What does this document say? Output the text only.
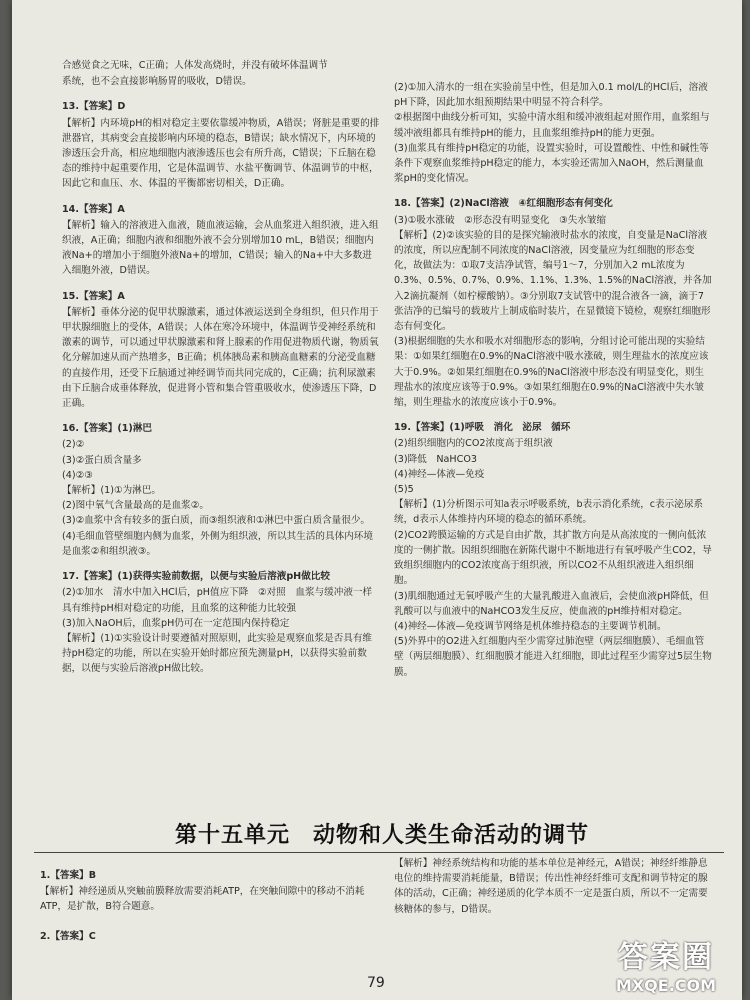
合感觉食之无味，C正确；人体发高烧时，并没有破坏体温调节

系统，也不会直接影响肠胃的吸收，D错误。

13.【答案】D

【解析】内环境pH的相对稳定主要依靠缓冲物质，A错误；肾脏是重要的排泄器官，其病变会直接影响内环境的稳态，B错误；缺水情况下，内环境的渗透压会升高，相应地细胞内液渗透压也会有所升高，C错误；下丘脑在稳态的维持中起重要作用，它是体温调节、水盐平衡调节、体温调节的中枢，因此它和血压、水、体温的平衡都密切相关，D正确。

14.【答案】A

【解析】输入的溶液进入血液，随血液运输，会从血浆进入组织液，进入组织液，A正确；细胞内液和细胞外液不会分别增加10 mL，B错误；细胞内液Na+的增加小于细胞外液Na+的增加，C错误；输入的Na+中大多数进入细胞外液，D错误。

15.【答案】A

【解析】垂体分泌的促甲状腺激素，通过体液运送到全身组织，但只作用于甲状腺细胞上的受体，A错误；人体在寒冷环境中，体温调节受神经系统和激素的调节，可以通过甲状腺激素和肾上腺素的作用促进物质代谢，物质氧化分解加速从而产热增多，B正确；机体胰岛素和胰高血糖素的分泌受血糖的直接作用，还受下丘脑通过神经调节而共同完成的，C正确；抗利尿激素由下丘脑合成垂体释放，促进肾小管和集合管重吸收水，使渗透压下降，D正确。

16.【答案】(1)淋巴

(2)②
(3)②蛋白质含量多
(4)②③
【解析】(1)①为淋巴。
(2)图中氧气含量最高的是血浆②。
(3)②血浆中含有较多的蛋白质，而③组织液和①淋巴中蛋白质含量很少。
(4)毛细血管壁细胞内侧为血浆，外侧为组织液，所以其生活的具体内环境是血浆②和组织液③。

17.【答案】(1)获得实验前数据，以便与实验后溶液pH做比较

(2)①加水　清水中加入HCl后，pH值应下降　②对照　血浆与缓冲液一样具有维持pH相对稳定的功能，且血浆的这种能力比较强
(3)加入NaOH后，血浆pH仍可在一定范围内保持稳定
【解析】(1)①实验设计时要遵循对照原则，此实验是观察血浆是否具有维持pH稳定的功能，所以在实验开始时都应预先测量pH，以获得实验前数据，以便与实验后溶液pH做比较。

(2)①加入清水的一组在实验前呈中性，但是加入0.1 mol/L的HCl后，溶液pH下降，因此加水组预期结果中明显不符合科学。
②根据图中曲线分析可知，实验中清水组和缓冲液组起对照作用，血浆组与缓冲液组都具有维持pH的能力，且血浆组维持pH的能力更强。
(3)血浆具有维持pH稳定的功能，设置实验时，可设置酸性、中性和碱性等条件下观察血浆维持pH稳定的能力，本实验还需加入NaOH，然后测量血浆pH的变化情况。

18.【答案】(2)NaCl溶液　④红细胞形态有何变化

(3)①吸水涨破　②形态没有明显变化　③失水皱缩
【解析】(2)②该实验的目的是探究输液时盐水的浓度，自变量是NaCl溶液的浓度，所以应配制不同浓度的NaCl溶液，因变量应为红细胞的形态变化，故做法为：①取7支洁净试管，编号1～7，分别加入2 mL浓度为0.3%、0.5%、0.7%、0.9%、1.1%、1.3%、1.5%的NaCl溶液，并各加入2滴抗凝剂（如柠檬酸钠）。③分别取7支试管中的混合液各一滴，滴于7张洁净的已编号的载玻片上制成临时装片，在显微镜下镜检，观察红细胞形态有何变化。
(3)根据细胞的失水和吸水对细胞形态的影响，分组讨论可能出现的实验结果：①如果红细胞在0.9%的NaCl溶液中吸水涨破，则生理盐水的浓度应该大于0.9%。②如果红细胞在0.9%的NaCl溶液中形态没有明显变化，则生理盐水的浓度应该等于0.9%。③如果红细胞在0.9%的NaCl溶液中失水皱缩，则生理盐水的浓度应该小于0.9%。

19.【答案】(1)呼吸　消化　泌尿　循环

(2)组织细胞内的CO2浓度高于组织液
(3)降低　NaHCO3
(4)神经—体液—免疫
(5)5
【解析】(1)分析图示可知a表示呼吸系统，b表示消化系统，c表示泌尿系统，d表示人体维持内环境的稳态的循环系统。
(2)CO2跨膜运输的方式是自由扩散，其扩散方向是从高浓度的一侧向低浓度的一侧扩散。因组织细胞在新陈代谢中不断地进行有氧呼吸产生CO2，导致组织细胞内的CO2浓度高于组织液，所以CO2不从组织液进入组织细胞。
(3)肌细胞通过无氧呼吸产生的大量乳酸进入血液后，会使血液pH降低，但乳酸可以与血液中的NaHCO3发生反应，使血液的pH维持相对稳定。
(4)神经—体液—免疫调节网络是机体维持稳态的主要调节机制。
(5)外界中的O2进入红细胞内至少需穿过肺泡壁（两层细胞膜）、毛细血管壁（两层细胞膜）、红细胞膜才能进入红细胞，即此过程至少需穿过5层生物膜。

第十五单元　动物和人类生命活动的调节

1.【答案】B

【解析】神经递质从突触前膜释放需要消耗ATP，在突触间隙中的移动不消耗ATP，是扩散，B符合题意。

2.【答案】C

【解析】神经系统结构和功能的基本单位是神经元，A错误；神经纤维静息电位的维持需要消耗能量，B错误；传出性神经纤维可支配和调节特定的腺体的活动，C正确；神经递质的化学本质不一定是蛋白质，所以不一定需要核糖体的参与，D错误。

79
答案圈
MXQE.COM
